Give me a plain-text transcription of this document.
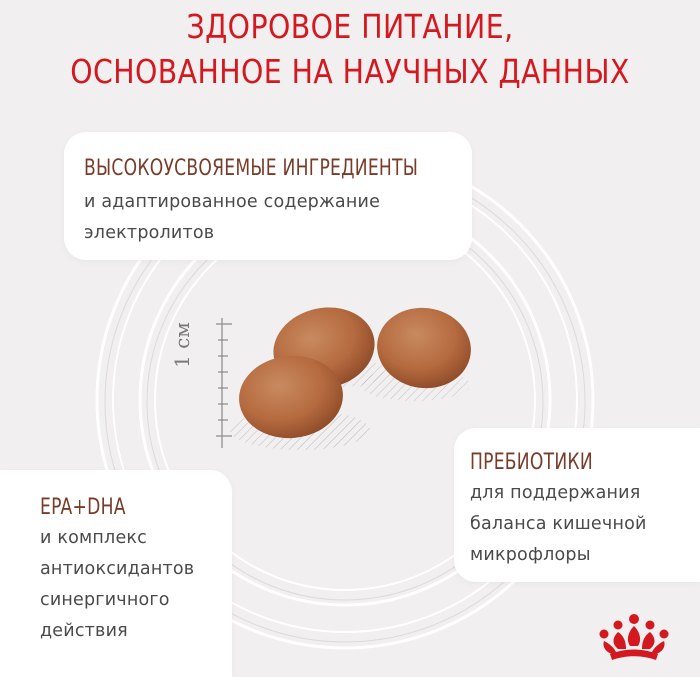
1 см
ЗДОРОВОЕ ПИТАНИЕ,
ОСНОВАННОЕ НА НАУЧНЫХ ДАННЫХ
ВЫСОКОУСВОЯЕМЫЕ ИНГРЕДИЕНТЫ
и адаптированное содержание
электролитов
ПРЕБИОТИКИ
для поддержания
баланса кишечной
микрофлоры
EPA+DHA
и комплекс
антиоксидантов
синергичного
действия
